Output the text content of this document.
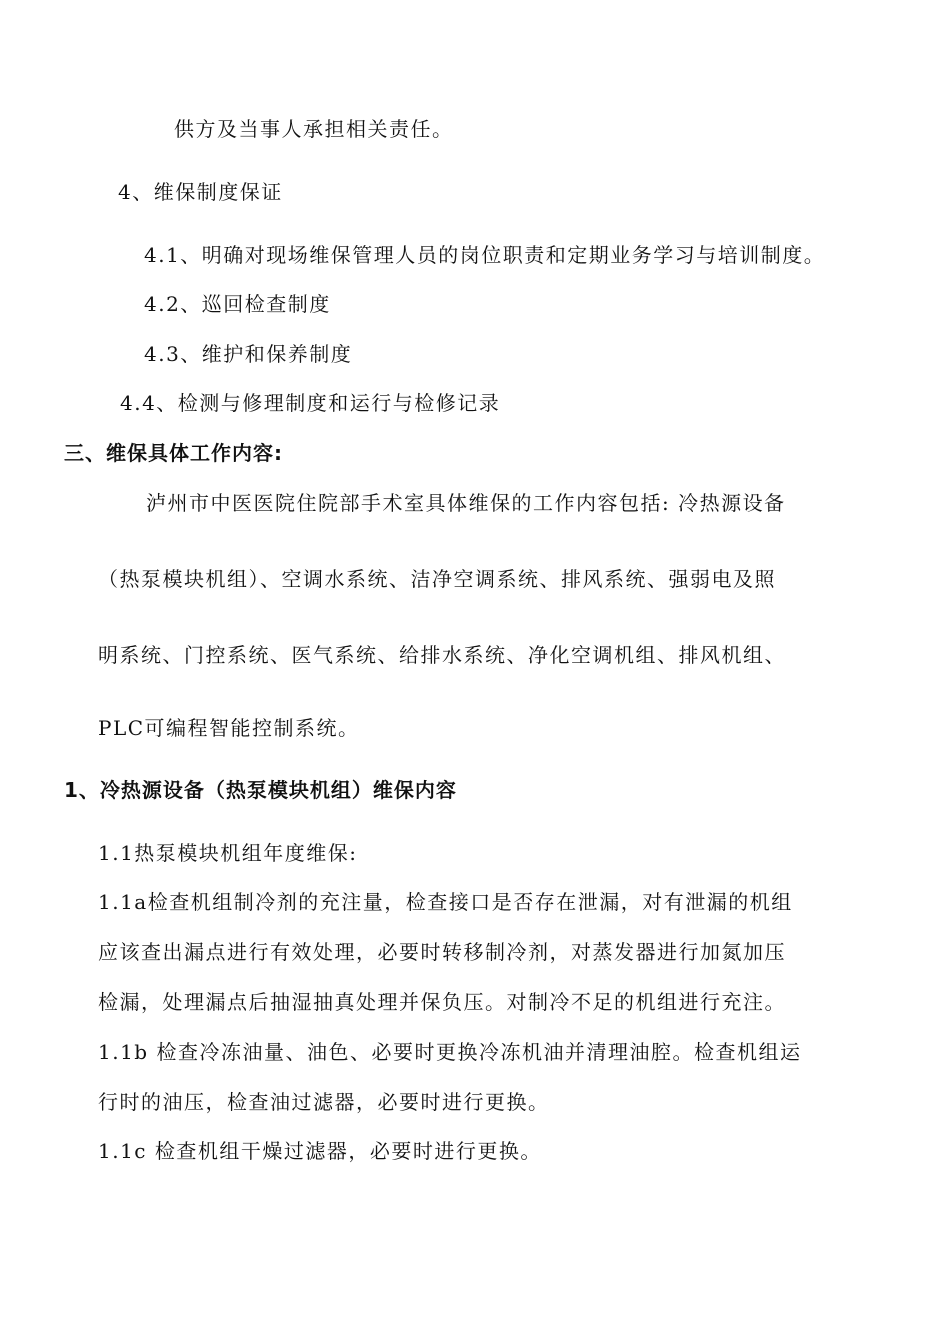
供方及当事人承担相关责任。
4、维保制度保证
4.1、明确对现场维保管理人员的岗位职责和定期业务学习与培训制度。
4.2、巡回检查制度
4.3、维护和保养制度
4.4、检测与修理制度和运行与检修记录
三、维保具体工作内容:
泸州市中医医院住院部手术室具体维保的工作内容包括: 冷热源设备
（热泵模块机组）、空调水系统、洁净空调系统、排风系统、强弱电及照
明系统、门控系统、医气系统、给排水系统、净化空调机组、排风机组、
PLC可编程智能控制系统。
1、冷热源设备（热泵模块机组）维保内容
1.1热泵模块机组年度维保:
1.1a检查机组制冷剂的充注量，检查接口是否存在泄漏，对有泄漏的机组
应该查出漏点进行有效处理，必要时转移制冷剂，对蒸发器进行加氮加压
检漏，处理漏点后抽湿抽真处理并保负压。对制冷不足的机组进行充注。
1.1b 检查冷冻油量、油色、必要时更换冷冻机油并清理油腔。检查机组运
行时的油压，检查油过滤器，必要时进行更换。
1.1c 检查机组干燥过滤器，必要时进行更换。
